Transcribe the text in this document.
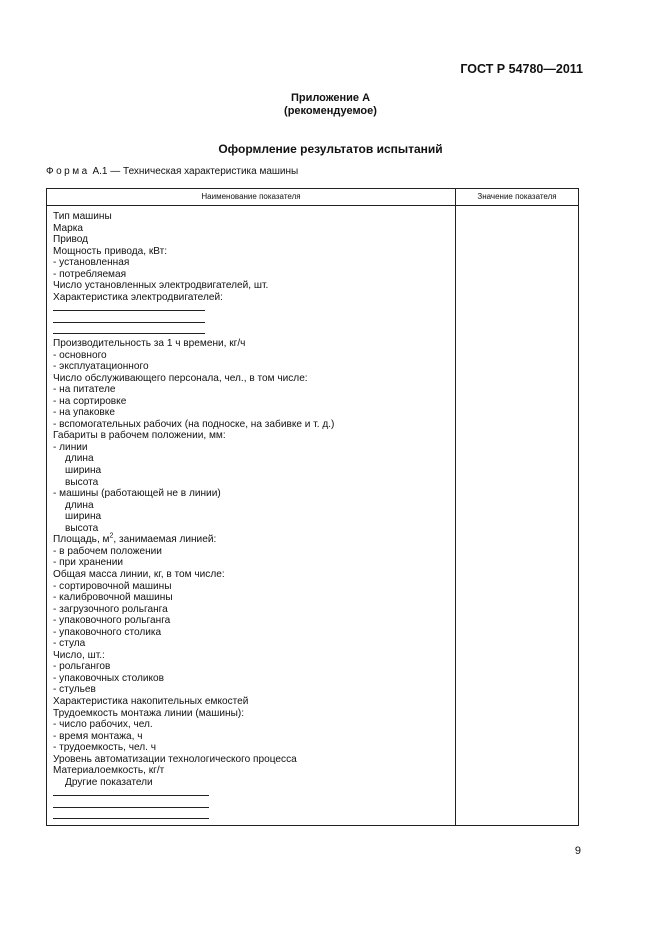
ГОСТ Р 54780—2011
Приложение А
(рекомендуемое)
Оформление результатов испытаний
Форма А.1 — Техническая характеристика машины
Наименование показателя	Значение показателя
Тип машины
Марка
Привод
Мощность привода, кВт:
- установленная
- потребляемая
Число установленных электродвигателей, шт.
Характеристика электродвигателей:
Производительность за 1 ч времени, кг/ч
- основного
- эксплуатационного
Число обслуживающего персонала, чел., в том числе:
- на питателе
- на сортировке
- на упаковке
- вспомогательных рабочих (на подноске, на забивке и т. д.)
Габариты в рабочем положении, мм:
- линии
длина
ширина
высота
- машины (работающей не в линии)
длина
ширина
высота
Площадь, $м^2$, занимаемая линией:
- в рабочем положении
- при хранении
Общая масса линии, кг, в том числе:
- сортировочной машины
- калибровочной машины
- загрузочного рольганга
- упаковочного рольганга
- упаковочного столика
- стула
Число, шт.:
- рольгангов
- упаковочных столиков
- стульев
Характеристика накопительных емкостей
Трудоемкость монтажа линии (машины):
- число рабочих, чел.
- время монтажа, ч
- трудоемкость, чел. ч
Уровень автоматизации технологического процесса
Материалоемкость, кг/т
Другие показатели
9
